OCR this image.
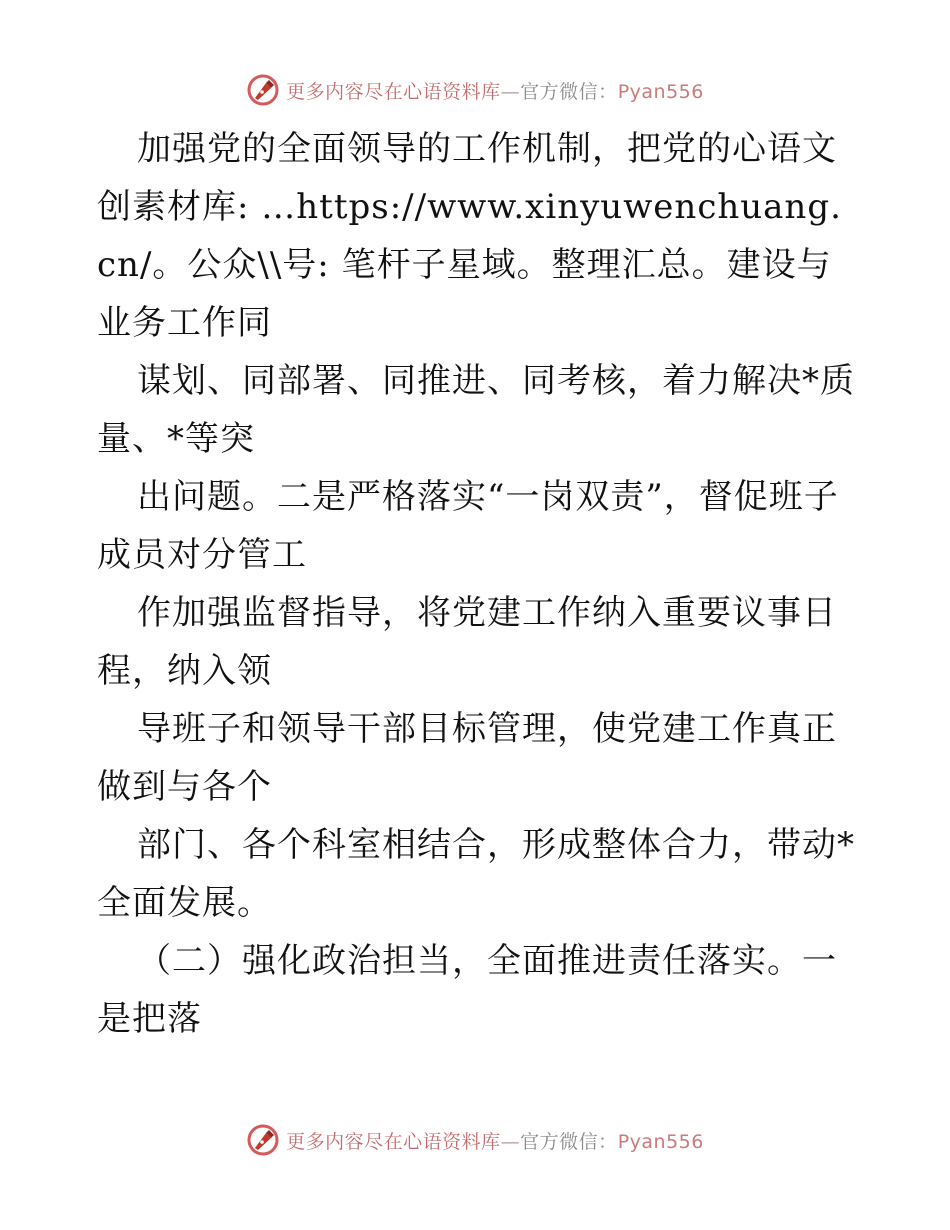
更多内容尽在心语资料库—官方微信：Pyan556

加强党的全面领导的工作机制，把党的心语文创素材库: …https://www.xinyuwenchuang.cn/。公众\\号: 笔杆子星域。整理汇总。建设与业务工作同

谋划、同部署、同推进、同考核，着力解决*质量、*等突

出问题。二是严格落实“一岗双责”，督促班子成员对分管工

作加强监督指导，将党建工作纳入重要议事日程，纳入领

导班子和领导干部目标管理，使党建工作真正做到与各个

部门、各个科室相结合，形成整体合力，带动*全面发展。

（二）强化政治担当，全面推进责任落实。一是把落

更多内容尽在心语资料库—官方微信：Pyan556
